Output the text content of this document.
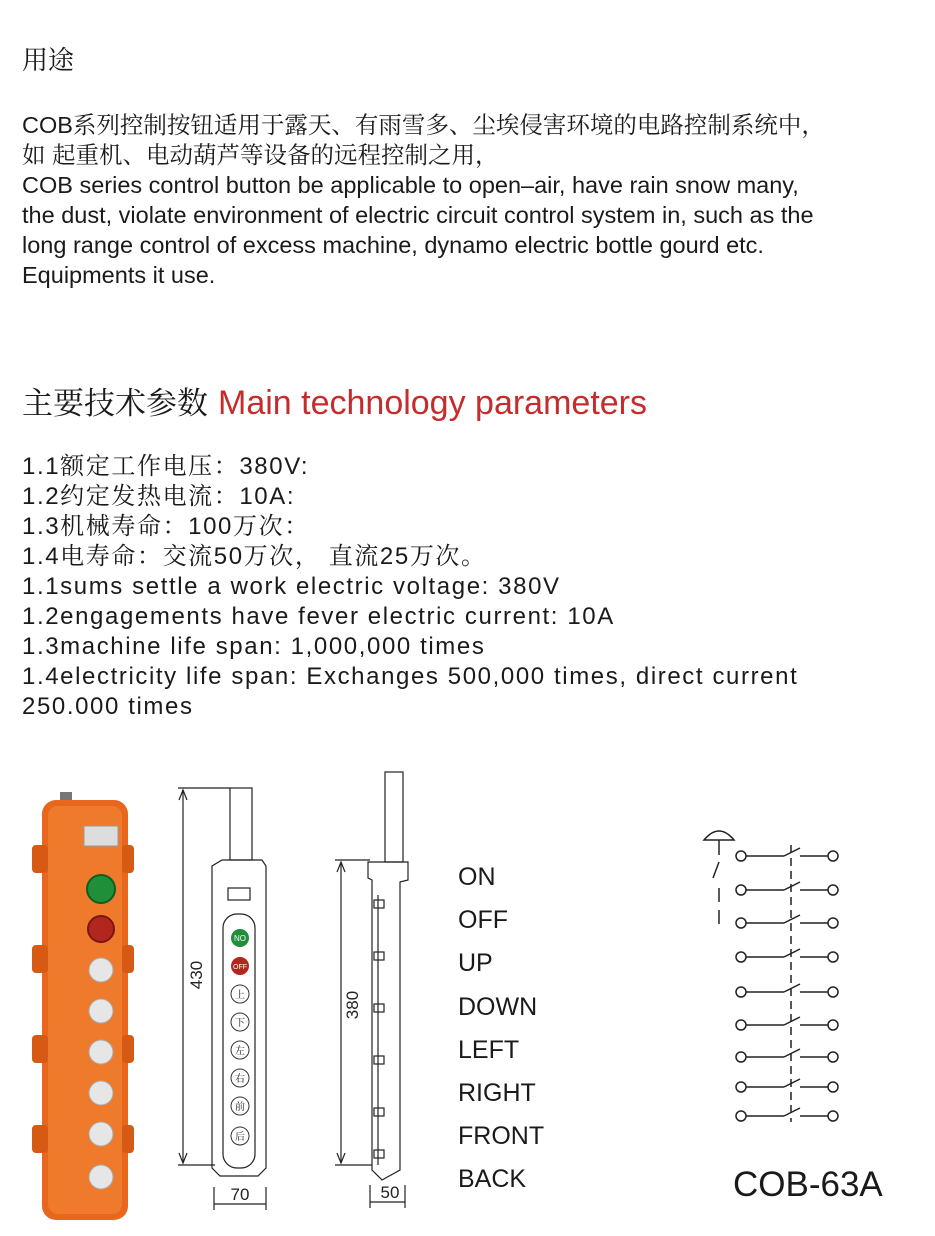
用途
COB系列控制按钮适用于露天、有雨雪多、尘埃侵害环境的电路控制系统中，
如 起重机、电动葫芦等设备的远程控制之用，
COB series control button be applicable to open–air, have rain snow many,
the dust, violate environment of electric circuit control system in, such as the
long range control of excess machine, dynamo electric bottle gourd etc.
Equipments it use.
主要技术参数 Main technology parameters
1.1额定工作电压：380V:
1.2约定发热电流：10A:
1.3机械寿命：100万次：
1.4电寿命：交流50万次， 直流25万次。
1.1sums settle a work electric voltage: 380V
1.2engagements have fever electric current: 10A
1.3machine life span: 1,000,000 times
1.4electricity life span: Exchanges 500,000 times, direct current
250.000 times
NO
OFF
上
下
左
右
前
后
430
70
380
50
ON
OFF
UP
DOWN
LEFT
RIGHT
FRONT
BACK	COB-63A
